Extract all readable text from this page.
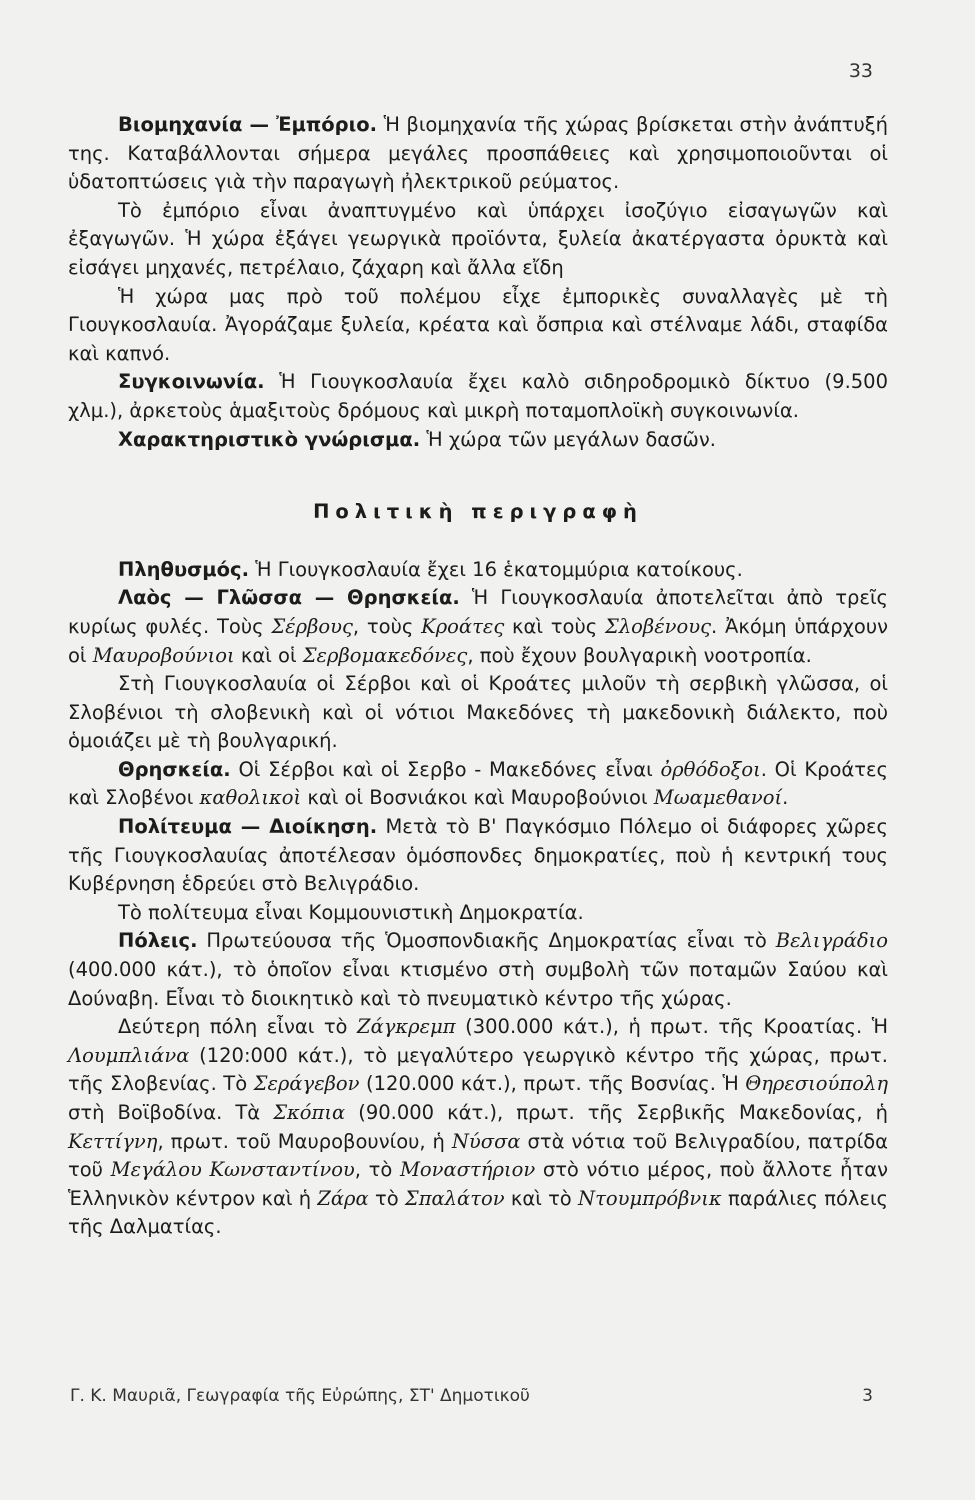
33

Βιομηχανία — Ἐμπόριο. Ἡ βιομηχανία τῆς χώρας βρίσκεται στὴν ἀνάπτυξή της. Καταβάλλονται σήμερα μεγάλες προσπάθειες καὶ χρησιμοποιοῦνται οἱ ὑδατοπτώσεις γιὰ τὴν παραγωγὴ ἠλεκτρικοῦ ρεύματος.

Τὸ ἐμπόριο εἶναι ἀναπτυγμένο καὶ ὑπάρχει ἰσοζύγιο εἰσαγωγῶν καὶ ἐξαγωγῶν. Ἡ χώρα ἐξάγει γεωργικὰ προϊόντα, ξυλεία ἀκατέργαστα ὀρυκτὰ καὶ εἰσάγει μηχανές, πετρέλαιο, ζάχαρη καὶ ἄλλα εἴδη

Ἡ χώρα μας πρὸ τοῦ πολέμου εἶχε ἐμπορικὲς συναλλαγὲς μὲ τὴ Γιουγκοσλαυία. Ἀγοράζαμε ξυλεία, κρέατα καὶ ὄσπρια καὶ στέλναμε λάδι, σταφίδα καὶ καπνό.

Συγκοινωνία. Ἡ Γιουγκοσλαυία ἔχει καλὸ σιδηροδρομικὸ δίκτυο (9.500 χλμ.), ἀρκετοὺς ἁμαξιτοὺς δρόμους καὶ μικρὴ ποταμοπλοϊκὴ συγκοινωνία.

Χαρακτηριστικὸ γνώρισμα. Ἡ χώρα τῶν μεγάλων δασῶν.

Πολιτικὴ περιγραφὴ

Πληθυσμός. Ἡ Γιουγκοσλαυία ἔχει 16 ἑκατομμύρια κατοίκους.

Λαὸς — Γλῶσσα — Θρησκεία. Ἡ Γιουγκοσλαυία ἀποτελεῖται ἀπὸ τρεῖς κυρίως φυλές. Τοὺς Σέρβους, τοὺς Κροάτες καὶ τοὺς Σλοβένους. Ἀκόμη ὑπάρχουν οἱ Μαυροβούνιοι καὶ οἱ Σερβομακεδόνες, ποὺ ἔχουν βουλγαρικὴ νοοτροπία.

Στὴ Γιουγκοσλαυία οἱ Σέρβοι καὶ οἱ Κροάτες μιλοῦν τὴ σερβικὴ γλῶσσα, οἱ Σλοβένιοι τὴ σλοβενικὴ καὶ οἱ νότιοι Μακεδόνες τὴ μακεδονικὴ διάλεκτο, ποὺ ὁμοιάζει μὲ τὴ βουλγαρική.

Θρησκεία. Οἱ Σέρβοι καὶ οἱ Σερβο - Μακεδόνες εἶναι ὀρθόδοξοι. Οἱ Κροάτες καὶ Σλοβένοι καθολικοὶ καὶ οἱ Βοσνιάκοι καὶ Μαυροβούνιοι Μωαμεθανοί.

Πολίτευμα — Διοίκηση. Μετὰ τὸ Β' Παγκόσμιο Πόλεμο οἱ διάφορες χῶρες τῆς Γιουγκοσλαυίας ἀποτέλεσαν ὁμόσπονδες δημοκρατίες, ποὺ ἡ κεντρική τους Κυβέρνηση ἑδρεύει στὸ Βελιγράδιο.

Τὸ πολίτευμα εἶναι Κομμουνιστικὴ Δημοκρατία.

Πόλεις. Πρωτεύουσα τῆς Ὁμοσπονδιακῆς Δημοκρατίας εἶναι τὸ Βελιγράδιο (400.000 κάτ.), τὸ ὁποῖον εἶναι κτισμένο στὴ συμβολὴ τῶν ποταμῶν Σαύου καὶ Δούναβη. Εἶναι τὸ διοικητικὸ καὶ τὸ πνευματικὸ κέντρο τῆς χώρας.

Δεύτερη πόλη εἶναι τὸ Ζάγκρεμπ (300.000 κάτ.), ἡ πρωτ. τῆς Κροατίας. Ἡ Λουμπλιάνα (120:000 κάτ.), τὸ μεγαλύτερο γεωργικὸ κέντρο τῆς χώρας, πρωτ. τῆς Σλοβενίας. Τὸ Σεράγεβον (120.000 κάτ.), πρωτ. τῆς Βοσνίας. Ἡ Θηρεσιούπολη στὴ Βοϊβοδίνα. Τὰ Σκόπια (90.000 κάτ.), πρωτ. τῆς Σερβικῆς Μακεδονίας, ἡ Κεττίγνη, πρωτ. τοῦ Μαυροβουνίου, ἡ Νύσσα στὰ νότια τοῦ Βελιγραδίου, πατρίδα τοῦ Μεγάλου Κωνσταντίνου, τὸ Μοναστήριον στὸ νότιο μέρος, ποὺ ἄλλοτε ἦταν Ἑλληνικὸν κέντρον καὶ ἡ Ζάρα τὸ Σπαλάτον καὶ τὸ Ντουμπρόβνικ παράλιες πόλεις τῆς Δαλματίας.

Γ. Κ. Μαυριᾶ, Γεωγραφία τῆς Εὐρώπης, ΣΤ' Δημοτικοῦ	3
